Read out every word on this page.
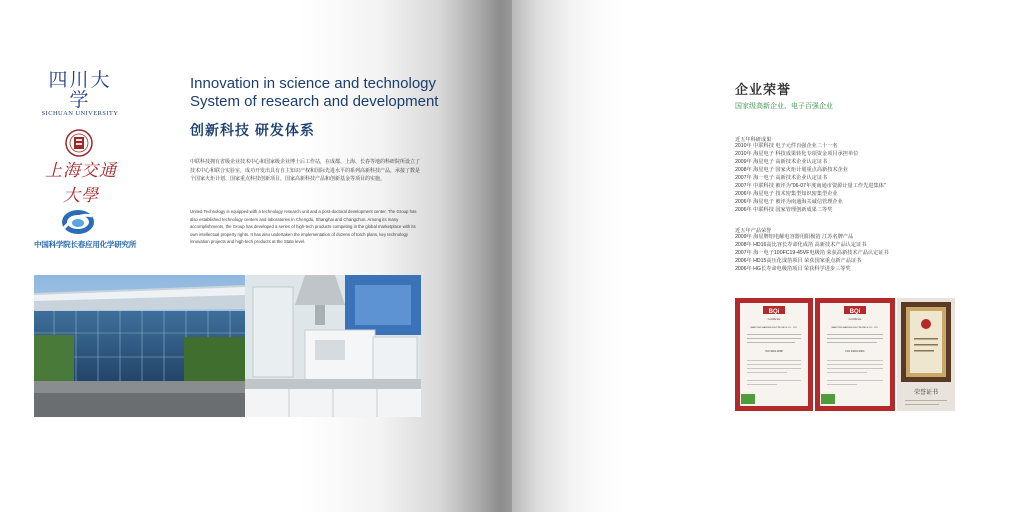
四川大学
SICHUAN UNIVERSITY
上海交通大學
中国科学院长春应用化学研究所
Innovation in science and technology
System of research and development
创新科技 研发体系
中联科技拥有省级企业技术中心和国家级企业博士后工作站，在成都、上海、长春等地的科研院所设立了技术中心和联合实验室，成功开发出具有自主知识产权和国际先进水平的系列高新科技产品，承接了数是个国家火炬计划、国家重点科技创新项目，国家高新科技产品和创新基金等项目的实施。
United Technology is equipped with a technology research unit and a post-doctoral development center. The Group has also established technology centers and laboratories in Chengdu, Shanghai and Changchun. Among its many accomplishments, the Group has developed a series of high-tech products competing in the global marketplace with its own intellectual property rights. It has also undertaken the implementation of dozens of torch plans, key technology innovation projects and high-tech products at the State level.
企业荣誉
国家级高新企业、电子百强企业
近五年科研成果
2010年 中联科技 电子元件百强企业二十一名
2010年 海星电子 科技成果转化专项资金项目承担单位
2009年 海星电子 高新技术企业认定证书
2008年 海星电子 国家火炬计划重点高新技术企业
2007年 海一电子 高新技术企业认定证书
2007年 中联科技 被评为"06-07年度南通市资源计量工作先进集体"
2006年 海星电子 技术密集型知识密集型企业
2006年 海星电子 被评为南通海关诚信管理企业
2006年 中联科技 国家管理创新成果二等奖
近五年产品荣誉
2009年 海星牌铝电解电容器用阳极箔 江苏名牌产品
2008年 HD16高比容长寿命化成箔 高新技术产品认定证书
2007年 海一电子100FC19-45VF电极箔 荣获高新技术产品认定证书
2006年 HD15高压化成箔项目 荣获国家重点新产品证书
2006年 HG长寿命电极箔项目 荣获科学进步三等奖
BQi
Certificate
NANTONG HAIXING ELECTRONICS CO., LTD.
ISO 9001:2008
BQi
Certificate
NANTONG HAIXING ELECTRONICS CO., LTD.
ISO 14001:2004
荣誉证书
